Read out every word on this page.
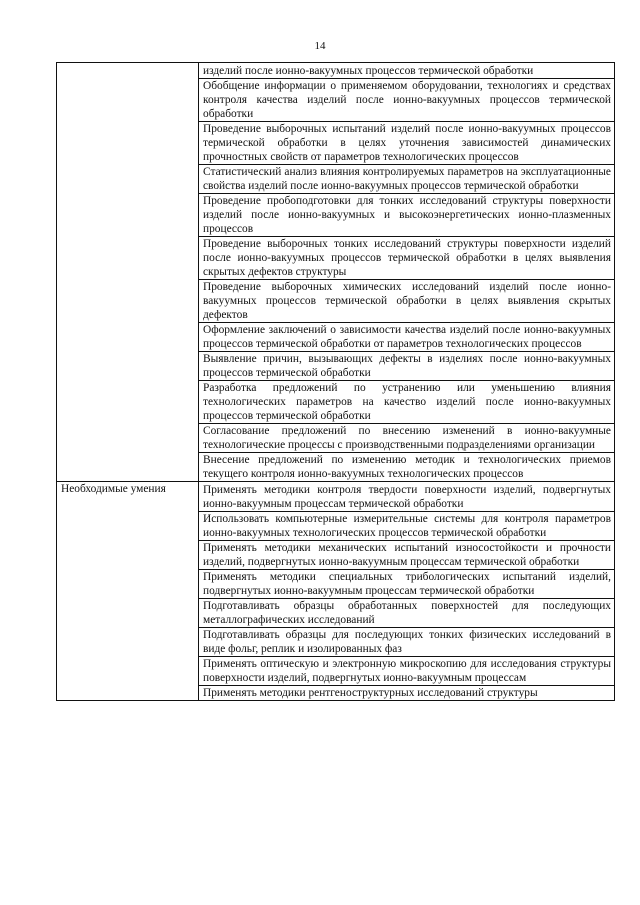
14
	изделий после ионно-вакуумных процессов термической обработки
	Обобщение информации о применяемом оборудовании, технологиях и средствах контроля качества изделий после ионно-вакуумных процессов термической обработки
	Проведение выборочных испытаний изделий после ионно-вакуумных процессов термической обработки в целях уточнения зависимостей динамических прочностных свойств от параметров технологических процессов
	Статистический анализ влияния контролируемых параметров на эксплуатационные свойства изделий после ионно-вакуумных процессов термической обработки
	Проведение пробоподготовки для тонких исследований структуры поверхности изделий после ионно-вакуумных и высокоэнергетических ионно-плазменных процессов
	Проведение выборочных тонких исследований структуры поверхности изделий после ионно-вакуумных процессов термической обработки в целях выявления скрытых дефектов структуры
	Проведение выборочных химических исследований изделий после ионно-вакуумных процессов термической обработки в целях выявления скрытых дефектов
	Оформление заключений о зависимости качества изделий после ионно-вакуумных процессов термической обработки от параметров технологических процессов
	Выявление причин, вызывающих дефекты в изделиях после ионно-вакуумных процессов термической обработки
	Разработка предложений по устранению или уменьшению влияния технологических параметров на качество изделий после ионно-вакуумных процессов термической обработки
	Согласование предложений по внесению изменений в ионно-вакуумные технологические процессы с производственными подразделениями организации
	Внесение предложений по изменению методик и технологических приемов текущего контроля ионно-вакуумных технологических процессов
Необходимые умения	Применять методики контроля твердости поверхности изделий, подвергнутых ионно-вакуумным процессам термической обработки
	Использовать компьютерные измерительные системы для контроля параметров ионно-вакуумных технологических процессов термической обработки
	Применять методики механических испытаний износостойкости и прочности изделий, подвергнутых ионно-вакуумным процессам термической обработки
	Применять методики специальных трибологических испытаний изделий, подвергнутых ионно-вакуумным процессам термической обработки
	Подготавливать образцы обработанных поверхностей для последующих металлографических исследований
	Подготавливать образцы для последующих тонких физических исследований в виде фольг, реплик и изолированных фаз
	Применять оптическую и электронную микроскопию для исследования структуры поверхности изделий, подвергнутых ионно-вакуумным процессам
	Применять методики рентгеноструктурных исследований структуры
